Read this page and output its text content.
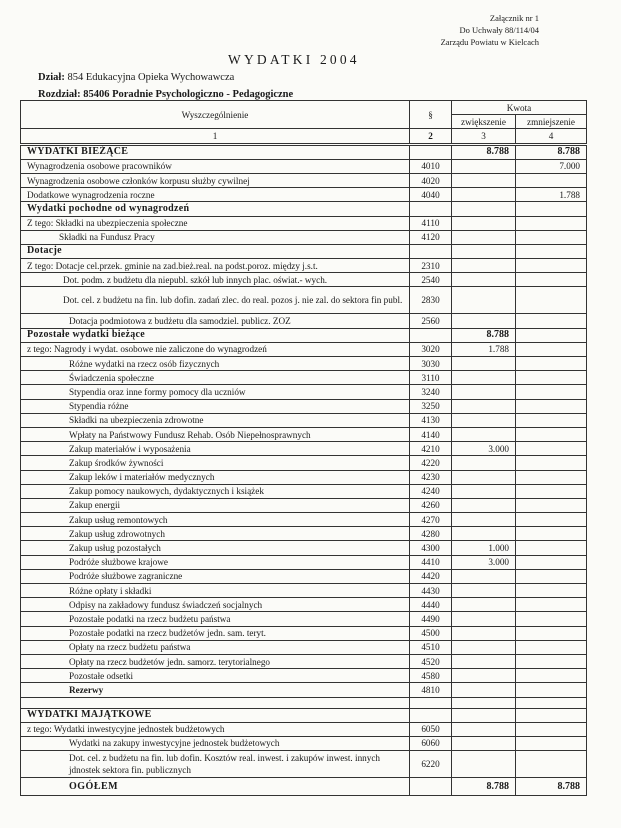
Załącznik nr 1
Do Uchwały 88/114/04
Zarządu Powiatu w Kielcach
WYDATKI 2004
Dział: 854 Edukacyjna Opieka Wychowawcza
Rozdział: 85406 Poradnie Psychologiczno - Pedagogiczne
Wyszczególnienie	§	Kwota	
		zwiększenie	zmniejszenie
1	2	3	4
WYDATKI BIEŻĄCE		8.788	8.788
Wynagrodzenia osobowe pracowników	4010		7.000
Wynagrodzenia osobowe członków korpusu służby cywilnej	4020		
Dodatkowe wynagrodzenia roczne	4040		1.788
Wydatki pochodne od wynagrodzeń			
Z tego: Składki na ubezpieczenia społeczne	4110		
Składki na Fundusz Pracy	4120		
Dotacje			
Z tego: Dotacje cel.przek. gminie na zad.bież.real. na podst.poroz. między j.s.t.	2310		
Dot. podm. z budżetu dla niepubl. szkół lub innych plac. oświat.- wych.	2540		
Dot. cel. z budżetu na fin. lub dofin. zadań zlec. do real. pozos j. nie zal. do sektora fin publ.	2830		
Dotacja podmiotowa z budżetu dla samodziel. publicz. ZOZ	2560		
Pozostałe wydatki bieżące		8.788	
z tego: Nagrody i wydat. osobowe nie zaliczone do wynagrodzeń	3020	1.788	
Różne wydatki na rzecz osób fizycznych	3030		
Świadczenia społeczne	3110		
Stypendia oraz inne formy pomocy dla uczniów	3240		
Stypendia różne	3250		
Składki na ubezpieczenia zdrowotne	4130		
Wpłaty na Państwowy Fundusz Rehab. Osób Niepełnosprawnych	4140		
Zakup materiałów i wyposażenia	4210	3.000	
Zakup środków żywności	4220		
Zakup leków i materiałów medycznych	4230		
Zakup pomocy naukowych, dydaktycznych i książek	4240		
Zakup energii	4260		
Zakup usług remontowych	4270		
Zakup usług zdrowotnych	4280		
Zakup usług pozostałych	4300	1.000	
Podróże służbowe krajowe	4410	3.000	
Podróże służbowe zagraniczne	4420		
Różne opłaty i składki	4430		
Odpisy na zakładowy fundusz świadczeń socjalnych	4440		
Pozostałe podatki na rzecz budżetu państwa	4490		
Pozostałe podatki na rzecz budżetów jedn. sam. teryt.	4500		
Opłaty na rzecz budżetu państwa	4510		
Opłaty na rzecz budżetów jedn. samorz. terytorialnego	4520		
Pozostałe odsetki	4580		
Rezerwy	4810		

WYDATKI MAJĄTKOWE			
z tego: Wydatki inwestycyjne jednostek budżetowych	6050		
Wydatki na zakupy inwestycyjne jednostek budżetowych	6060		
Dot. cel. z budżetu na fin. lub dofin. Kosztów real. inwest. i zakupów inwest. innych jdnostek sektora fin. publicznych	6220		
OGÓŁEM		8.788	8.788
